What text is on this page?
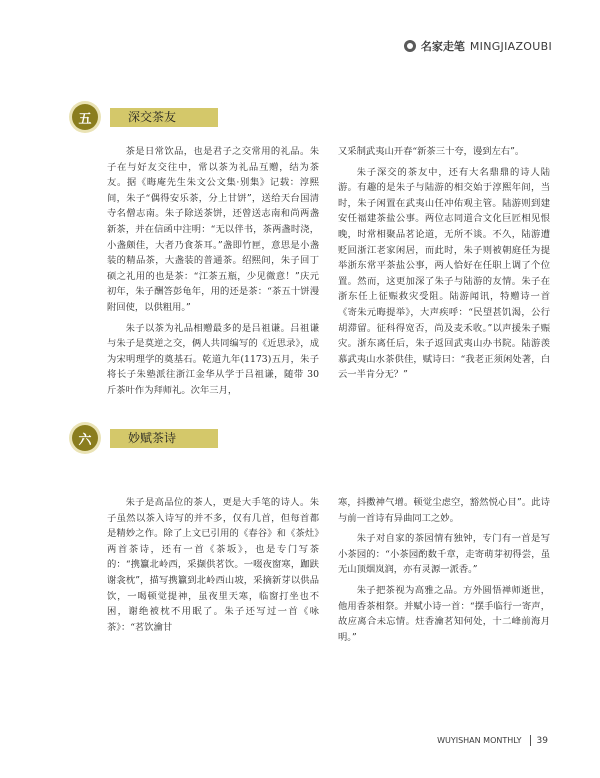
名家走笔 MINGJIAZOUBI
五	深交茶友

茶是日常饮品，也是君子之交常用的礼品。朱子在与好友交往中，常以茶为礼品互赠，结为茶友。据《晦庵先生朱文公文集·别集》记载：淳熙间，朱子“偶得安乐茶，分上甘饼”，送给天台国清寺名僧志南。朱子除送茶饼，还曾送志南和尚两盏新茶，并在信函中注明：“无以伴书，茶两盏时浇，小盏颇佳，大者乃食茶耳。”盏即竹匣，意思是小盏装的精品茶，大盏装的普通茶。绍熙间，朱子回丁硕之礼用的也是茶：“江茶五瓶，少见微意！”庆元初年，朱子酬答彭龟年，用的还是茶：“茶五十饼漫附回使，以供粗用。”

朱子以茶为礼品相赠最多的是吕祖谦。吕祖谦与朱子是莫逆之交，俩人共同编写的《近思录》，成为宋明理学的奠基石。乾道九年(1173)五月，朱子将长子朱塾派往浙江金华从学于吕祖谦，随带 30 斤茶叶作为拜师礼。次年三月，

又采制武夷山开春“新茶三十夸，谩到左右”。

朱子深交的茶友中，还有大名鼎鼎的诗人陆游。有趣的是朱子与陆游的相交始于淳熙年间，当时，朱子闲置在武夷山任冲佑观主管。陆游则到建安任福建茶盐公事。两位志同道合文化巨匠相见恨晚，时常相聚品茗论道，无所不谈。不久，陆游遭贬回浙江老家闲居，而此时，朱子则被朝庭任为提举浙东常平茶盐公事，两人恰好在任职上调了个位置。然而，这更加深了朱子与陆游的友情。朱子在浙东任上征赈救灾受阻。陆游闻讯，特赠诗一首《寄朱元晦提举》，大声疾呼：“民望甚饥渴，公行胡滞留。征科得宽否，尚及麦禾收。”以声援朱子赈灾。浙东离任后，朱子返回武夷山办书院。陆游羡慕武夷山水茶供佳，赋诗曰：“我老正须闲处著，白云一半肯分无？”

六	妙赋茶诗

朱子是高品位的茶人，更是大手笔的诗人。朱子虽然以茶入诗写的并不多，仅有几首，但每首都是精妙之作。除了上文已引用的《春谷》和《茶灶》两首茶诗，还有一首《茶坂》，也是专门写茶的：“携籯北岭西，采撷供茗饮。一啜夜窗寒，跏趺谢衾枕”，描写携籯到北岭西山坡，采摘新芽以供品饮，一喝顿觉提神，虽夜里天寒，临窗打坐也不困，谢绝被枕不用眠了。朱子还写过一首《咏茶》：“茗饮瀹甘

寒，抖擞神气增。顿觉尘虑空，豁然悦心目”。此诗与前一首诗有异曲同工之妙。

朱子对自家的茶园情有独钟，专门有一首是写小茶园的：“小茶园酌数千章，走寄萌芽初得尝，虽无山顶烟岚润，亦有灵源一派香。”

朱子把茶视为高雅之品。方外圆悟禅师逝世，他用香茶相祭。并赋小诗一首：“摆手临行一寄声，故应离合未忘情。炷香瀹茗知何处，十二峰前海月明。”

WUYISHAN MONTHLY 39
